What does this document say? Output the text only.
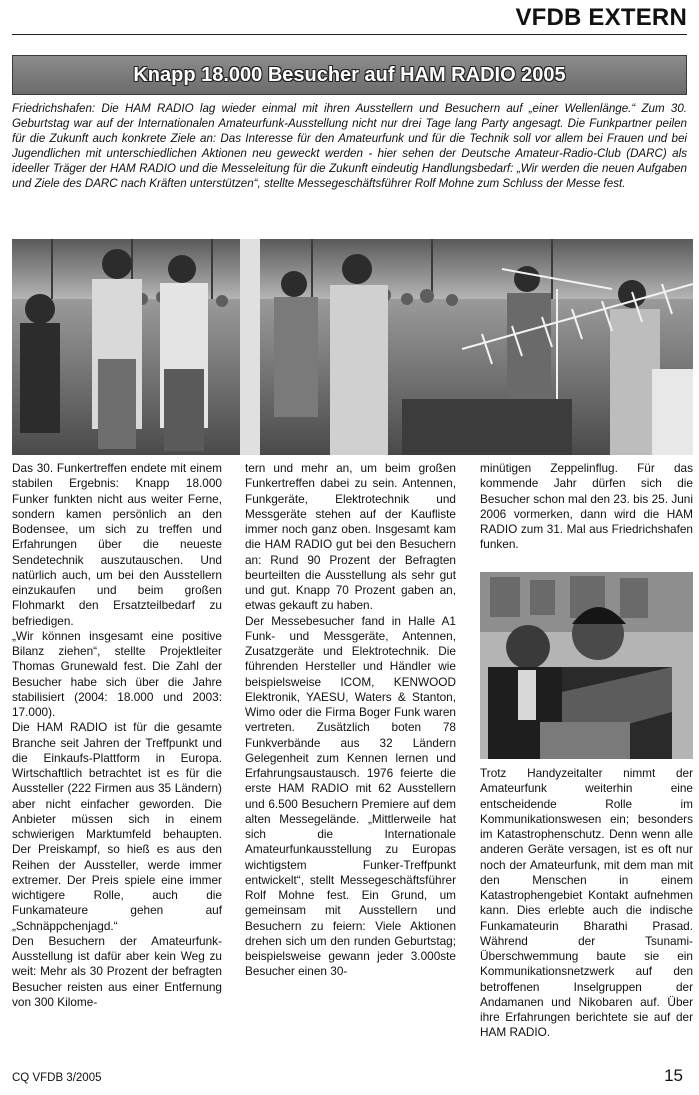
VFDB EXTERN
Knapp 18.000 Besucher auf HAM RADIO 2005

Friedrichshafen: Die HAM RADIO lag wieder einmal mit ihren Ausstellern und Besuchern auf „einer Wellenlänge.“ Zum 30. Geburtstag war auf der Internationalen Amateurfunk-Ausstellung nicht nur drei Tage lang Party angesagt. Die Funkpartner peilen für die Zukunft auch konkrete Ziele an: Das Interesse für den Amateurfunk und für die Technik soll vor allem bei Frauen und bei Jugendlichen mit unterschiedlichen Aktionen neu geweckt werden - hier sehen der Deutsche Amateur-Radio-Club (DARC) als ideeller Träger der HAM RADIO und die Messeleitung für die Zukunft eindeutig Handlungsbedarf: „Wir werden die neuen Aufgaben und Ziele des DARC nach Kräften unterstützen“, stellte Messegeschäftsführer Rolf Mohne zum Schluss der Messe fest.

Das 30. Funkertreffen endete mit einem stabilen Ergebnis: Knapp 18.000 Funker funkten nicht aus weiter Ferne, sondern kamen persönlich an den Bodensee, um sich zu treffen und Erfahrungen über die neueste Sendetechnik auszutauschen. Und natürlich auch, um bei den Ausstellern einzukaufen und beim großen Flohmarkt den Ersatzteilbedarf zu befriedigen.

„Wir können insgesamt eine positive Bilanz ziehen“, stellte Projektleiter Thomas Grunewald fest. Die Zahl der Besucher habe sich über die Jahre stabilisiert (2004: 18.000 und 2003: 17.000).

Die HAM RADIO ist für die gesamte Branche seit Jahren der Treffpunkt und die Einkaufs-Plattform in Europa. Wirtschaftlich betrachtet ist es für die Aussteller (222 Firmen aus 35 Ländern) aber nicht einfacher geworden. Die Anbieter müssen sich in einem schwierigen Marktumfeld behaupten. Der Preiskampf, so hieß es aus den Reihen der Aussteller, werde immer extremer. Der Preis spiele eine immer wichtigere Rolle, auch die Funkamateure gehen auf „Schnäppchenjagd.“

Den Besuchern der Amateurfunk-Ausstellung ist dafür aber kein Weg zu weit: Mehr als 30 Prozent der befragten Besucher reisten aus einer Entfernung von 300 Kilome-

tern und mehr an, um beim großen Funkertreffen dabei zu sein. Antennen, Funkgeräte, Elektrotechnik und Messgeräte stehen auf der Kaufliste immer noch ganz oben. Insgesamt kam die HAM RADIO gut bei den Besuchern an: Rund 90 Prozent der Befragten beurteilten die Ausstellung als sehr gut und gut. Knapp 70 Prozent gaben an, etwas gekauft zu haben.

Der Messebesucher fand in Halle A1 Funk- und Messgeräte, Antennen, Zusatzgeräte und Elektrotechnik. Die führenden Hersteller und Händler wie beispielsweise ICOM, KENWOOD Elektronik, YAESU, Waters & Stanton, Wimo oder die Firma Boger Funk waren vertreten. Zusätzlich boten 78 Funkverbände aus 32 Ländern Gelegenheit zum Kennen lernen und Erfahrungsaustausch. 1976 feierte die erste HAM RADIO mit 62 Ausstellern und 6.500 Besuchern Premiere auf dem alten Messegelände. „Mittlerweile hat sich die Internationale Amateurfunkausstellung zu Europas wichtigstem Funker-Treffpunkt entwickelt“, stellt Messegeschäftsführer Rolf Mohne fest. Ein Grund, um gemeinsam mit Ausstellern und Besuchern zu feiern: Viele Aktionen drehen sich um den runden Geburtstag; beispielsweise gewann jeder 3.000ste Besucher einen 30-

minütigen Zeppelinflug. Für das kommende Jahr dürfen sich die Besucher schon mal den 23. bis 25. Juni 2006 vormerken, dann wird die HAM RADIO zum 31. Mal aus Friedrichshafen funken.

Trotz Handyzeitalter nimmt der Amateurfunk weiterhin eine entscheidende Rolle im Kommunikationswesen ein; besonders im Katastrophenschutz. Denn wenn alle anderen Geräte versagen, ist es oft nur noch der Amateurfunk, mit dem man mit den Menschen in einem Katastrophengebiet Kontakt aufnehmen kann. Dies erlebte auch die indische Funkamateurin Bharathi Prasad. Während der Tsunami-Überschwemmung baute sie ein Kommunikationsnetzwerk auf den betroffenen Inselgruppen der Andamanen und Nikobaren auf. Über ihre Erfahrungen berichtete sie auf der HAM RADIO.

CQ VFDB 3/2005	15
